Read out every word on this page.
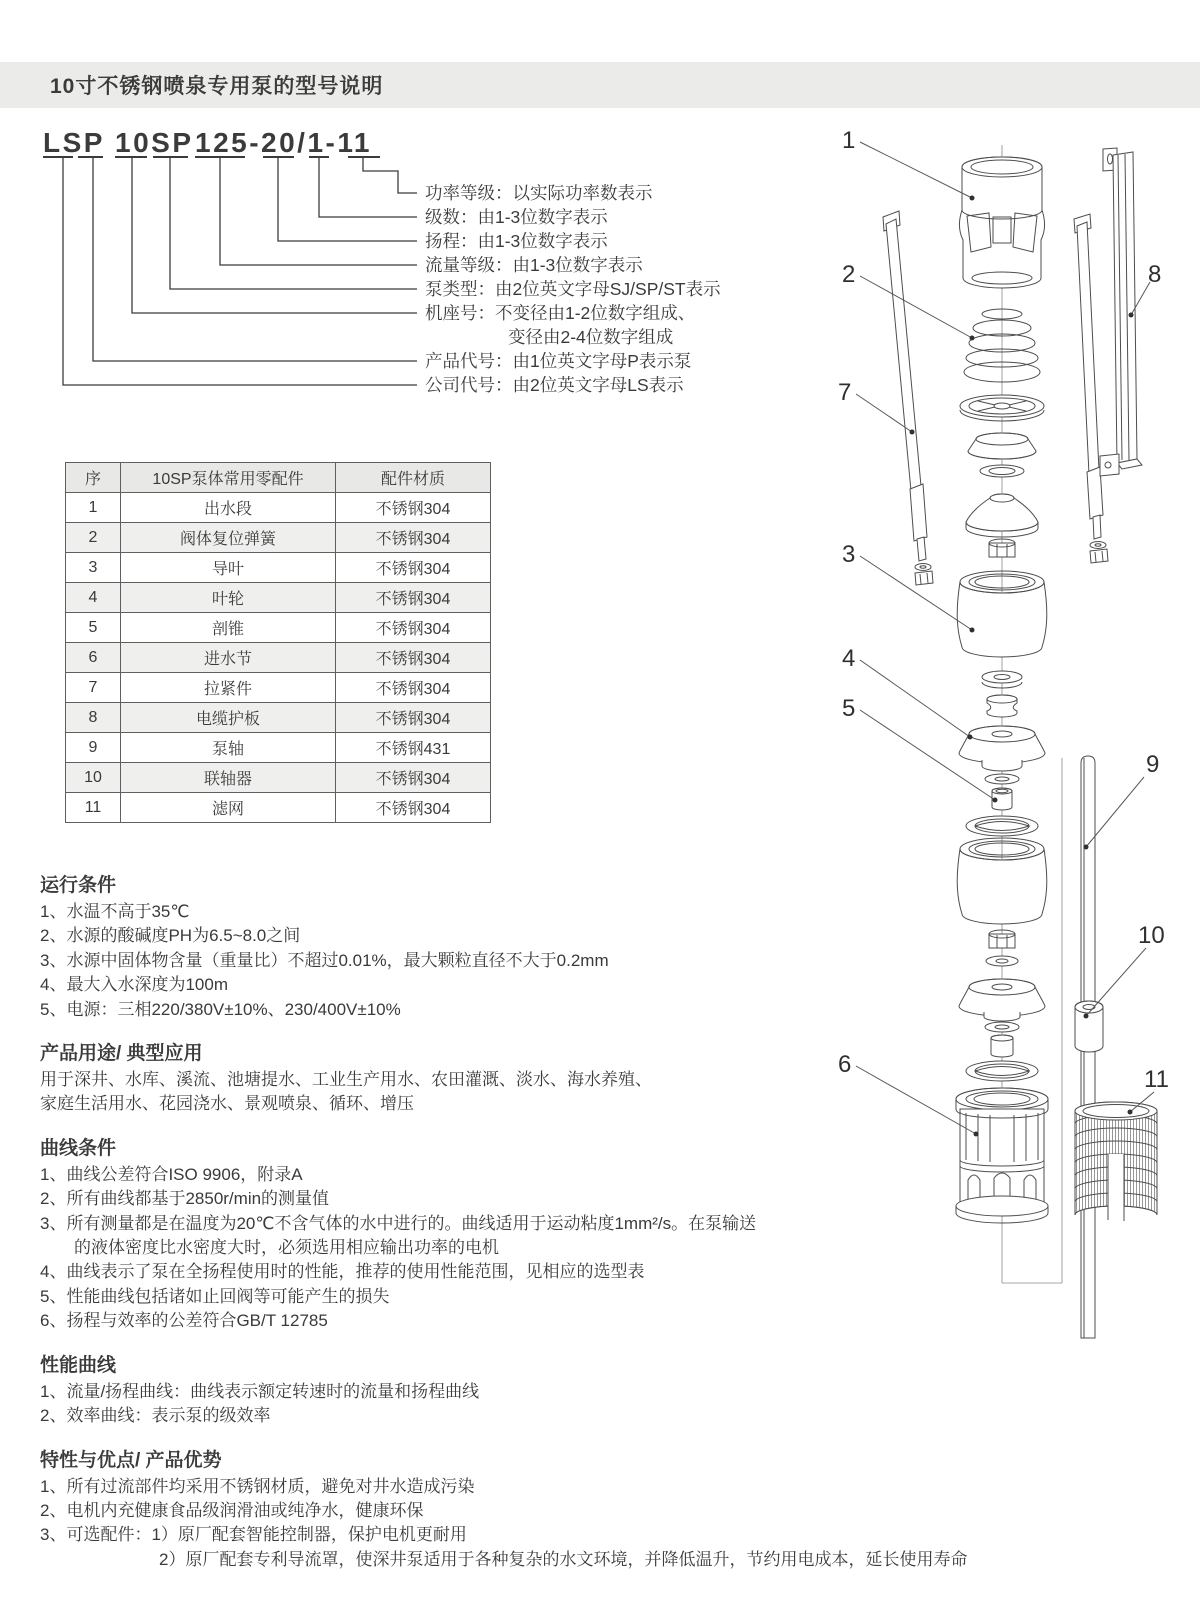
10寸不锈钢喷泉专用泵的型号说明
LSP 10SP 125-20/1-11
功率等级：以实际功率数表示
级数：由1-3位数字表示
扬程：由1-3位数字表示
流量等级：由1-3位数字表示
泵类型：由2位英文字母SJ/SP/ST表示
机座号：不变径由1-2位数字组成、
变径由2-4位数字组成
产品代号：由1位英文字母P表示泵
公司代号：由2位英文字母LS表示
序	10SP泵体常用零配件	配件材质
1	出水段	不锈钢304
2	阀体复位弹簧	不锈钢304
3	导叶	不锈钢304
4	叶轮	不锈钢304
5	剖锥	不锈钢304
6	进水节	不锈钢304
7	拉紧件	不锈钢304
8	电缆护板	不锈钢304
9	泵轴	不锈钢431
10	联轴器	不锈钢304
11	滤网	不锈钢304
运行条件
1、水温不高于35℃
2、水源的酸碱度PH为6.5~8.0之间
3、水源中固体物含量（重量比）不超过0.01%，最大颗粒直径不大于0.2mm
4、最大入水深度为100m
5、电源：三相220/380V±10%、230/400V±10%
产品用途/ 典型应用
用于深井、水库、溪流、池塘提水、工业生产用水、农田灌溉、淡水、海水养殖、
家庭生活用水、花园浇水、景观喷泉、循环、增压
曲线条件
1、曲线公差符合ISO 9906，附录A
2、所有曲线都基于2850r/min的测量值
3、所有测量都是在温度为20℃不含气体的水中进行的。曲线适用于运动粘度1mm²/s。在泵输送
　　的液体密度比水密度大时，必须选用相应输出功率的电机
4、曲线表示了泵在全扬程使用时的性能，推荐的使用性能范围，见相应的选型表
5、性能曲线包括诸如止回阀等可能产生的损失
6、扬程与效率的公差符合GB/T 12785
性能曲线
1、流量/扬程曲线：曲线表示额定转速时的流量和扬程曲线
2、效率曲线：表示泵的级效率
特性与优点/ 产品优势
1、所有过流部件均采用不锈钢材质，避免对井水造成污染
2、电机内充健康食品级润滑油或纯净水，健康环保
3、可选配件：1）原厂配套智能控制器，保护电机更耐用
　　　　　　　2）原厂配套专利导流罩，使深井泵适用于各种复杂的水文环境，并降低温升，节约用电成本，延长使用寿命
1
2	8
7
3
4
5
9
10
6
11
